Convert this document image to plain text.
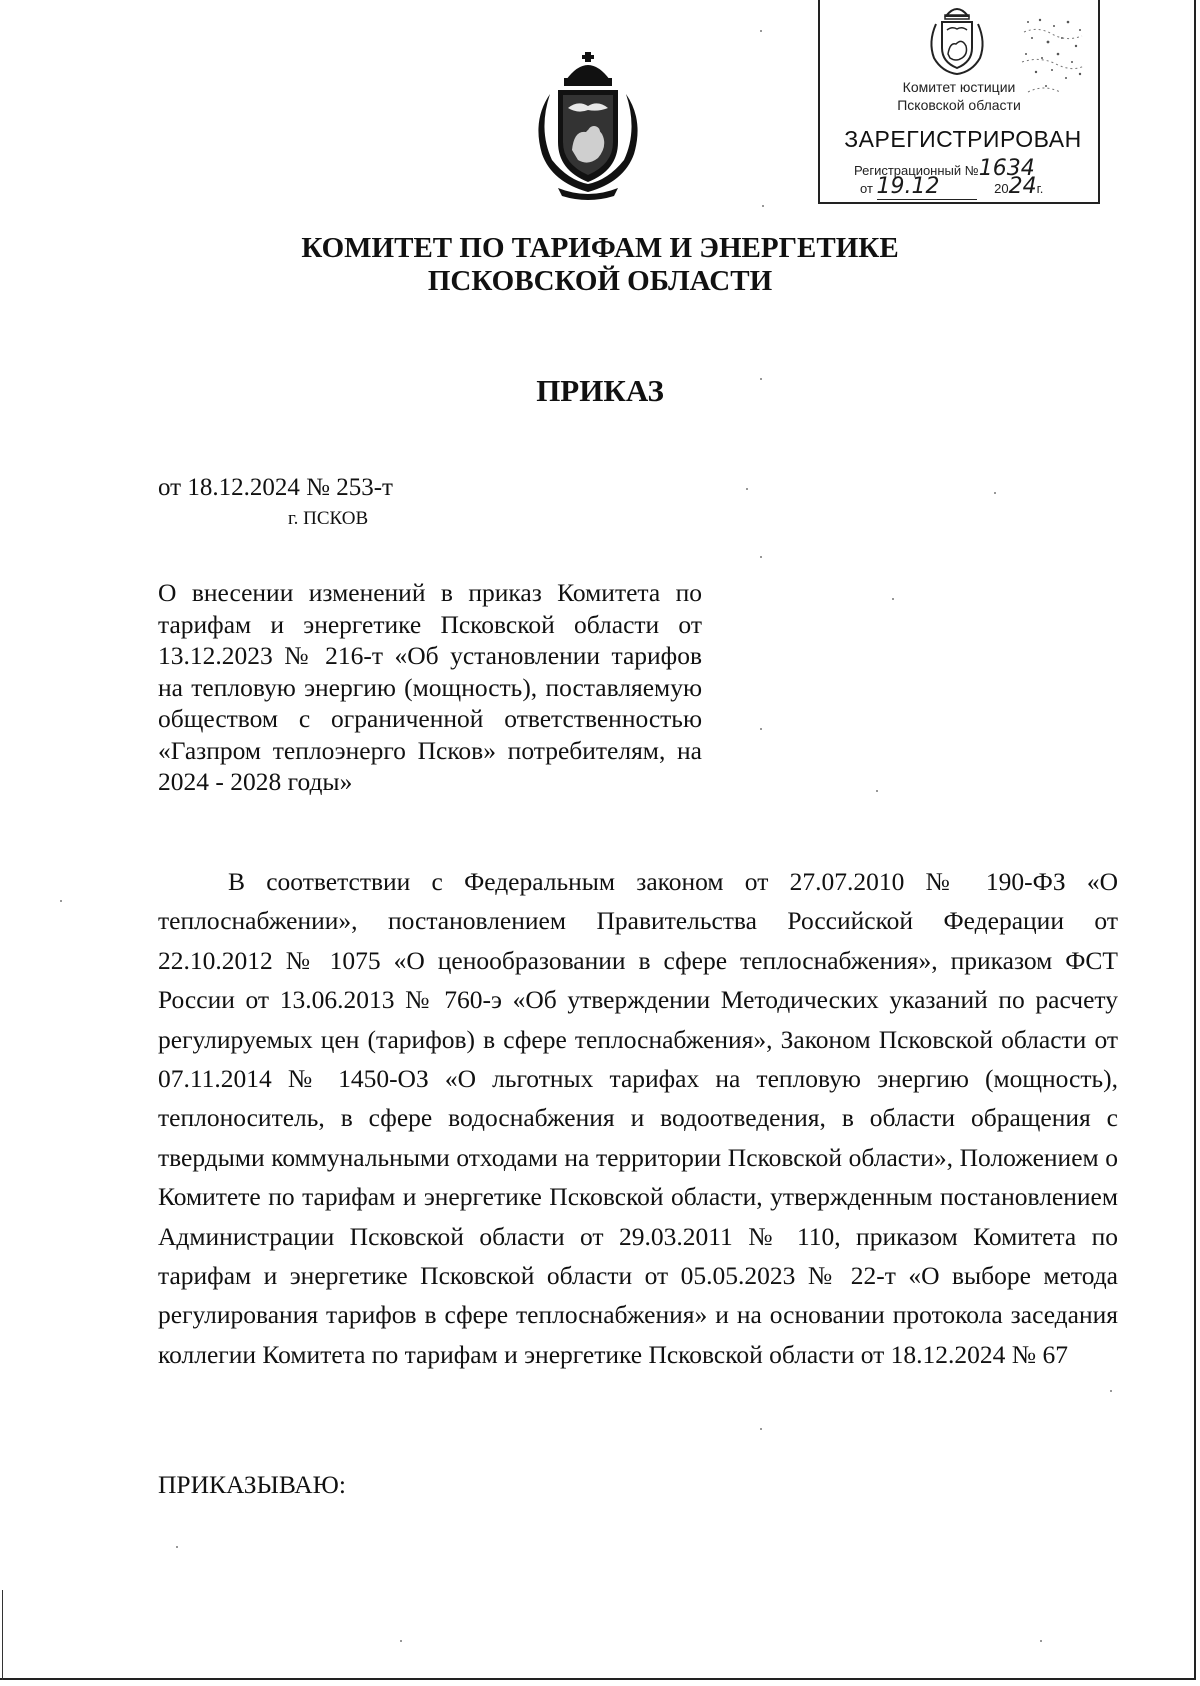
Комитет юстиции
Псковской области
ЗАРЕГИСТРИРОВАН
Регистрационный №1634
от 19.12	2024г.
КОМИТЕТ ПО ТАРИФАМ И ЭНЕРГЕТИКЕ
ПСКОВСКОЙ ОБЛАСТИ
ПРИКАЗ
от 18.12.2024 № 253-т
г. ПСКОВ

О внесении изменений в приказ Комитета по тарифам и энергетике Псковской области от 13.12.2023 № 216-т «Об установлении тарифов на тепловую энергию (мощность), поставляемую обществом с ограниченной ответственностью «Газпром теплоэнерго Псков» потребителям, на 2024 - 2028 годы»

В соответствии с Федеральным законом от 27.07.2010 № 190-ФЗ «О теплоснабжении», постановлением Правительства Российской Федерации от 22.10.2012 № 1075 «О ценообразовании в сфере теплоснабжения», приказом ФСТ России от 13.06.2013 № 760-э «Об утверждении Методических указаний по расчету регулируемых цен (тарифов) в сфере теплоснабжения», Законом Псковской области от 07.11.2014 № 1450-ОЗ «О льготных тарифах на тепловую энергию (мощность), теплоноситель, в сфере водоснабжения и водоотведения, в области обращения с твердыми коммунальными отходами на территории Псковской области», Положением о Комитете по тарифам и энергетике Псковской области, утвержденным постановлением Администрации Псковской области от 29.03.2011 № 110, приказом Комитета по тарифам и энергетике Псковской области от 05.05.2023 № 22-т «О выборе метода регулирования тарифов в сфере теплоснабжения» и на основании протокола заседания коллегии Комитета по тарифам и энергетике Псковской области от 18.12.2024 № 67

ПРИКАЗЫВАЮ:
